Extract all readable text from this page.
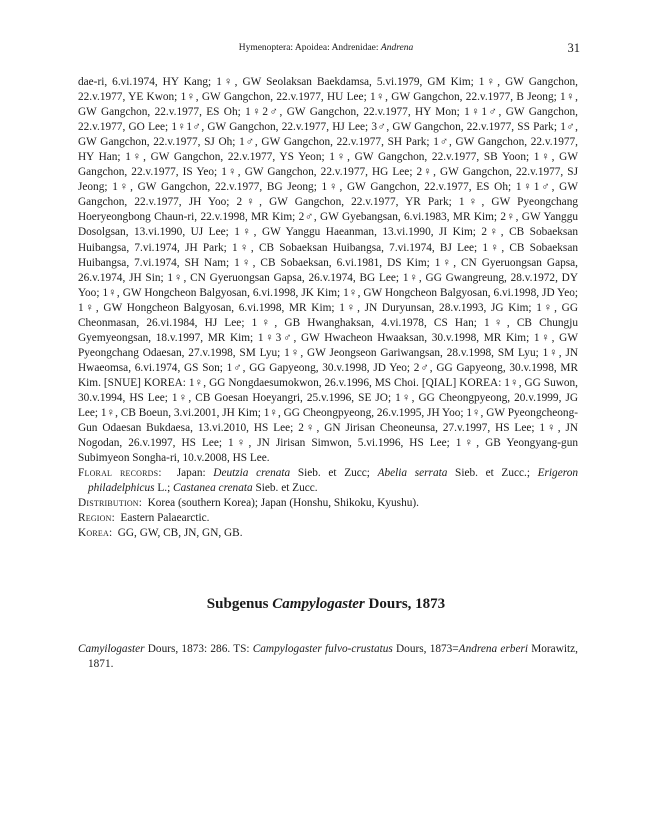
Hymenoptera: Apoidea: Andrenidae: Andrena	31

dae-ri, 6.vi.1974, HY Kang; 1♀, GW Seolaksan Baekdamsa, 5.vi.1979, GM Kim; 1♀, GW Gangchon, 22.v.1977, YE Kwon; 1♀, GW Gangchon, 22.v.1977, HU Lee; 1♀, GW Gangchon, 22.v.1977, B Jeong; 1♀, GW Gangchon, 22.v.1977, ES Oh; 1♀2♂, GW Gangchon, 22.v.1977, HY Mon; 1♀1♂, GW Gangchon, 22.v.1977, GO Lee; 1♀1♂, GW Gangchon, 22.v.1977, HJ Lee; 3♂, GW Gangchon, 22.v.1977, SS Park; 1♂, GW Gangchon, 22.v.1977, SJ Oh; 1♂, GW Gangchon, 22.v.1977, SH Park; 1♂, GW Gangchon, 22.v.1977, HY Han; 1♀, GW Gangchon, 22.v.1977, YS Yeon; 1♀, GW Gangchon, 22.v.1977, SB Yoon; 1♀, GW Gangchon, 22.v.1977, IS Yeo; 1♀, GW Gangchon, 22.v.1977, HG Lee; 2♀, GW Gangchon, 22.v.1977, SJ Jeong; 1♀, GW Gangchon, 22.v.1977, BG Jeong; 1♀, GW Gangchon, 22.v.1977, ES Oh; 1♀1♂, GW Gangchon, 22.v.1977, JH Yoo; 2♀, GW Gangchon, 22.v.1977, YR Park; 1♀, GW Pyeongchang Hoeryeongbong Chaun-ri, 22.v.1998, MR Kim; 2♂, GW Gyebangsan, 6.vi.1983, MR Kim; 2♀, GW Yanggu Dosolgsan, 13.vi.1990, UJ Lee; 1♀, GW Yanggu Haeanman, 13.vi.1990, JI Kim; 2♀, CB Sobaeksan Huibangsa, 7.vi.1974, JH Park; 1♀, CB Sobaeksan Huibangsa, 7.vi.1974, BJ Lee; 1♀, CB Sobaeksan Huibangsa, 7.vi.1974, SH Nam; 1♀, CB Sobaeksan, 6.vi.1981, DS Kim; 1♀, CN Gyeruongsan Gapsa, 26.v.1974, JH Sin; 1♀, CN Gyeruongsan Gapsa, 26.v.1974, BG Lee; 1♀, GG Gwangreung, 28.v.1972, DY Yoo; 1♀, GW Hongcheon Balgyosan, 6.vi.1998, JK Kim; 1♀, GW Hongcheon Balgyosan, 6.vi.1998, JD Yeo; 1♀, GW Hongcheon Balgyosan, 6.vi.1998, MR Kim; 1♀, JN Duryunsan, 28.v.1993, JG Kim; 1♀, GG Cheonmasan, 26.vi.1984, HJ Lee; 1♀, GB Hwanghaksan, 4.vi.1978, CS Han; 1♀, CB Chungju Gyemyeongsan, 18.v.1997, MR Kim; 1♀3♂, GW Hwacheon Hwaaksan, 30.v.1998, MR Kim; 1♀, GW Pyeongchang Odaesan, 27.v.1998, SM Lyu; 1♀, GW Jeongseon Gariwangsan, 28.v.1998, SM Lyu; 1♀, JN Hwaeomsa, 6.vi.1974, GS Son; 1♂, GG Gapyeong, 30.v.1998, JD Yeo; 2♂, GG Gapyeong, 30.v.1998, MR Kim. [SNUE] KOREA: 1♀, GG Nongdaesumokwon, 26.v.1996, MS Choi. [QIAL] KOREA: 1♀, GG Suwon, 30.v.1994, HS Lee; 1♀, CB Goesan Hoeyangri, 25.v.1996, SE JO; 1♀, GG Cheongpyeong, 20.v.1999, JG Lee; 1♀, CB Boeun, 3.vi.2001, JH Kim; 1♀, GG Cheongpyeong, 26.v.1995, JH Yoo; 1♀, GW Pyeongcheong-Gun Odaesan Bukdaesa, 13.vi.2010, HS Lee; 2♀, GN Jirisan Cheoneunsa, 27.v.1997, HS Lee; 1♀, JN Nogodan, 26.v.1997, HS Lee; 1♀, JN Jirisan Simwon, 5.vi.1996, HS Lee; 1♀, GB Yeongyang-gun Subimyeon Songha-ri, 10.v.2008, HS Lee.

Floral records:  Japan: Deutzia crenata Sieb. et Zucc; Abelia serrata Sieb. et Zucc.; Erigeron philadelphicus L.; Castanea crenata Sieb. et Zucc.

Distribution:  Korea (southern Korea); Japan (Honshu, Shikoku, Kyushu).

Region:  Eastern Palaearctic.

Korea:  GG, GW, CB, JN, GN, GB.

Subgenus Campylogaster Dours, 1873

Camyilogaster Dours, 1873: 286. TS: Campylogaster fulvo-crustatus Dours, 1873=Andrena erberi Morawitz, 1871.
